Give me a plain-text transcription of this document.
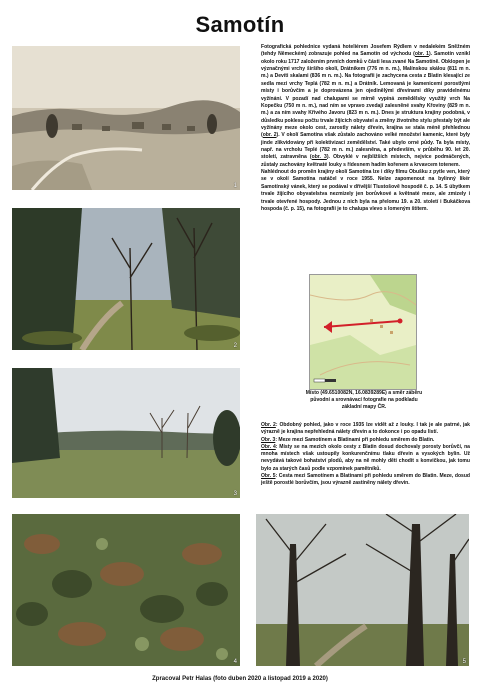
Samotín
1
2
3
4	5

Fotografická pohlednice vydaná hoteliérem Josefem Rýdlem v nedalekém Sněžném (tehdy Německém) zobrazuje pohled na Samotín od východu (obr. 1). Samotín vznikl okolo roku 1717 založením prvních domků v části lesa zvané Na Samotíně. Obklopen je význačnými vrchy širšího okolí, Drátníkem (776 m n. m.), Malínskou skálou (811 m n. m.) a Devíti skalami (836 m n. m.). Na fotografii je zachycena cesta z Blatin klesající ze sedla mezi vrchy Teplá (782 m n. m.) a Drátník. Lemovaná je kamenicemi porostlými místy i borůvčím a je doprovázena jen ojedinělými dřevinami díky pravidelnému vyžínání. V pozadí nad chalupami se mírně vypíná zemědělsky využitý vrch Na Kopečku (750 m n. m.), nad ním se vpravo zvedají zalesněné svahy Křoviny (829 m n. m.) a za ním svahy Křivého Javoru (823 m n. m.). Dnes je struktura krajiny podobná, v důsledku poklesu počtu trvale žijících obyvatel a změny životního stylu přestaly být ale vyžínány meze okolo cest, zarostly nálety dřevin, krajina se stala méně přehlednou (obr. 2). V okolí Samotína však zůstalo zachováno velké množství kamenic, které byly jinde zlikvidovány při kolektivizaci zemědělství. Také ubylo orné půdy. Ta byla místy, např. na vrcholu Teplé (782 m n. m.) zalesněna, a především, v průběhu 90. let 20. století, zatravněna (obr. 3). Obvyklé v nejbližších místech, nejvíce podmáčených, zůstaly zachovány květnaté louky s řídesnem hadím kořenem a krvavcem totenem.

Nahlédnout do proměn krajiny okolí Samotína lze i díky filmu Obušku z pytle ven, který se v okolí Samotína natáčel v roce 1955. Nelze zapomenout na bylinný likér Samotínský vánek, který se podával v dřívější Tlustošově hospodě č. p. 14. S úbytkem trvale žijícího obyvatelstva nezmizely jen borůvkové a květnaté meze, ale zmizely i trvale otevřené hospody. Jednou z nich byla na přelomu 19. a 20. století i Bukáčkova hospoda (č. p. 15), na fotografii je to chalupa vlevo s lomeným štítem.

Místo (49.6510082N, 16.0839289E) a směr záběru původní a srovnávací fotografie na podkladu základní mapy ČR.

Obr. 2: Obdobný pohled, jako v roce 1935 lze vidět až z louky. I tak je ale patrné, jak výrazně je krajina nepřehledná nálety dřevin a to dokonce i po opadu listí.

Obr. 3: Meze mezi Samotínem a Blatinami při pohledu směrem do Blatin.

Obr. 4: Místy se na mezích okolo cesty z Blatin dosud dochovaly porosty borůvčí, na mnoha místech však ustoupily konkurenčnímu tlaku dřevin a vysokých bylin. Už nevydává takové bohatství plodů, aby na ně mohly děti chodit s konvičkou, jak tomu bylo za starých časů podle vzpomínek pamětníků.

Obr. 5: Cesta mezi Samotínem a Blatinami při pohledu směrem do Blatin. Meze, dosud ještě porostlé borůvčím, jsou výrazně zastíněny nálety dřevin.

Zpracoval Petr Halas (foto duben 2020 a listopad 2019 a 2020)
